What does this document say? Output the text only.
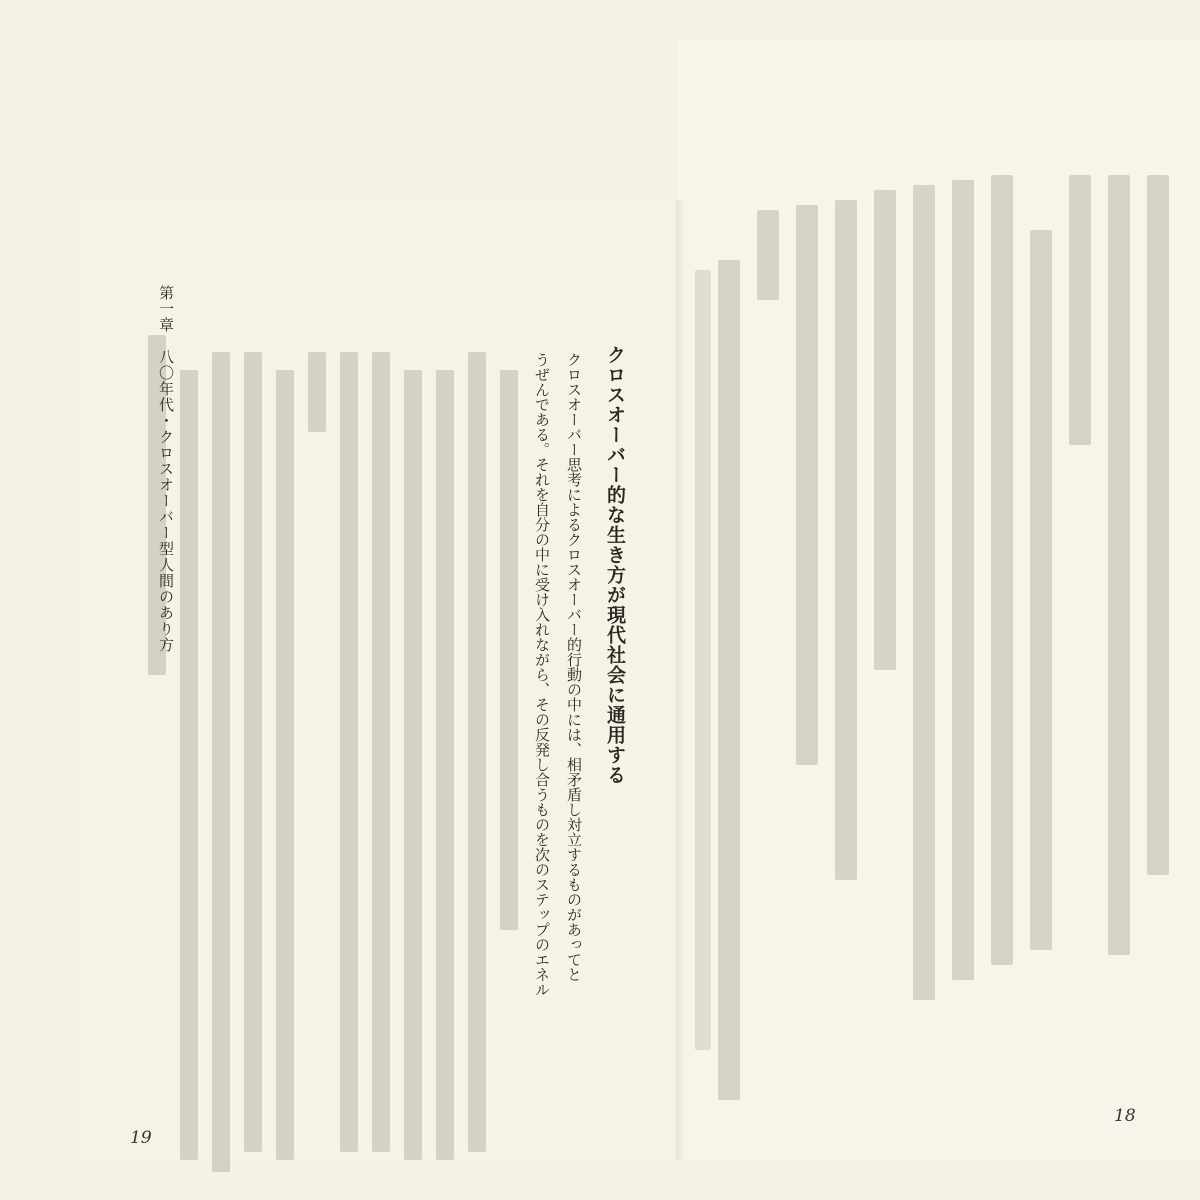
第一章　八〇年代・クロスオーバー型人間のあり方	クロスオーバー的な生き方が現代社会に通用する
クロスオーバー思考によるクロスオーバー的行動の中には、相矛盾し対立するものがあってと
うぜんである。それを自分の中に受け入れながら、その反発し合うものを次のステップのエネル
19
18
